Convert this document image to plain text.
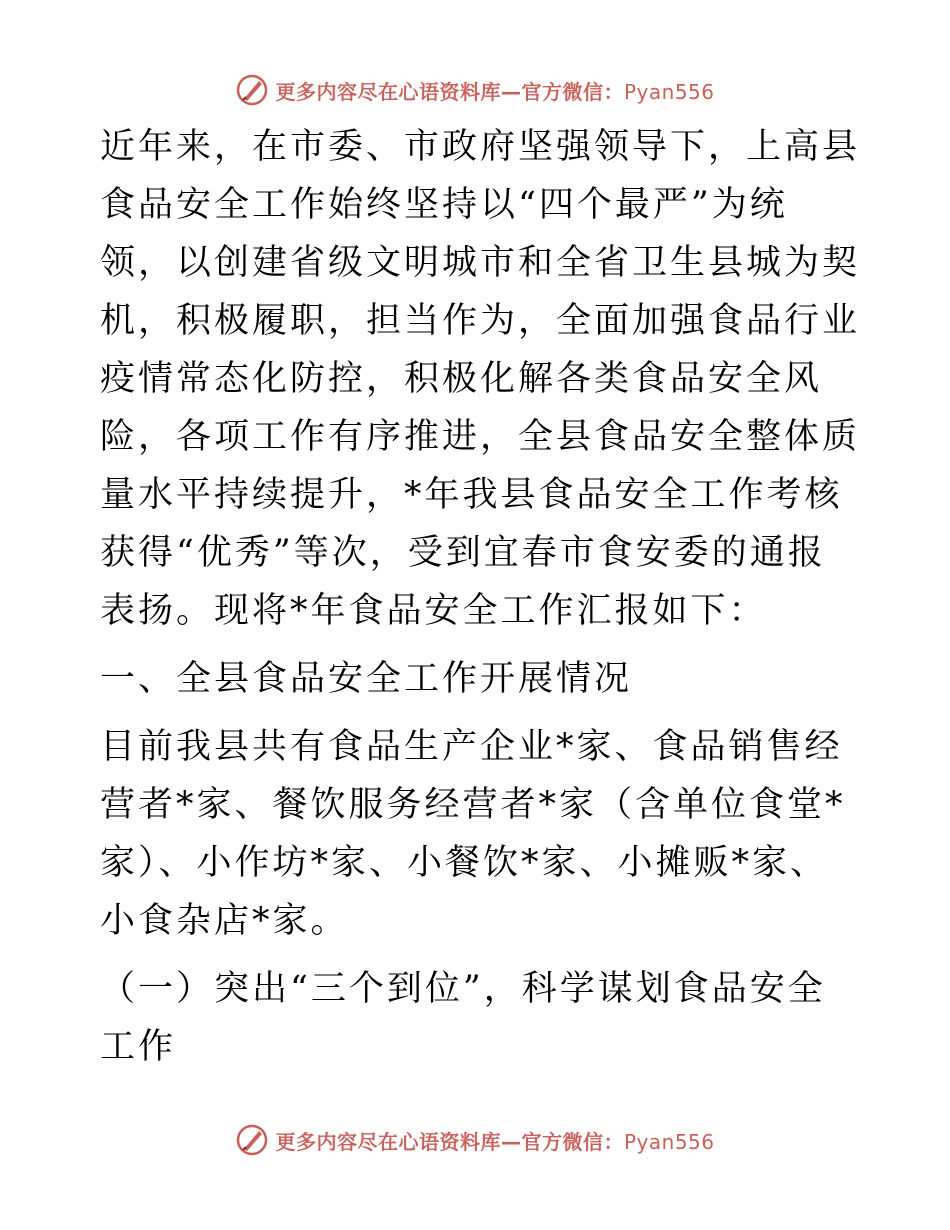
更多内容尽在心语资料库—官方微信：Pyan556

近年来，在市委、市政府坚强领导下，上高县食品安全工作始终坚持以“四个最严”为统领，以创建省级文明城市和全省卫生县城为契机，积极履职，担当作为，全面加强食品行业疫情常态化防控，积极化解各类食品安全风险，各项工作有序推进，全县食品安全整体质量水平持续提升，*年我县食品安全工作考核获得“优秀”等次，受到宜春市食安委的通报表扬。现将*年食品安全工作汇报如下：

一、全县食品安全工作开展情况

目前我县共有食品生产企业*家、食品销售经营者*家、餐饮服务经营者*家（含单位食堂*家）、小作坊*家、小餐饮*家、小摊贩*家、小食杂店*家。

（一）突出“三个到位”，科学谋划食品安全工作

更多内容尽在心语资料库—官方微信：Pyan556
